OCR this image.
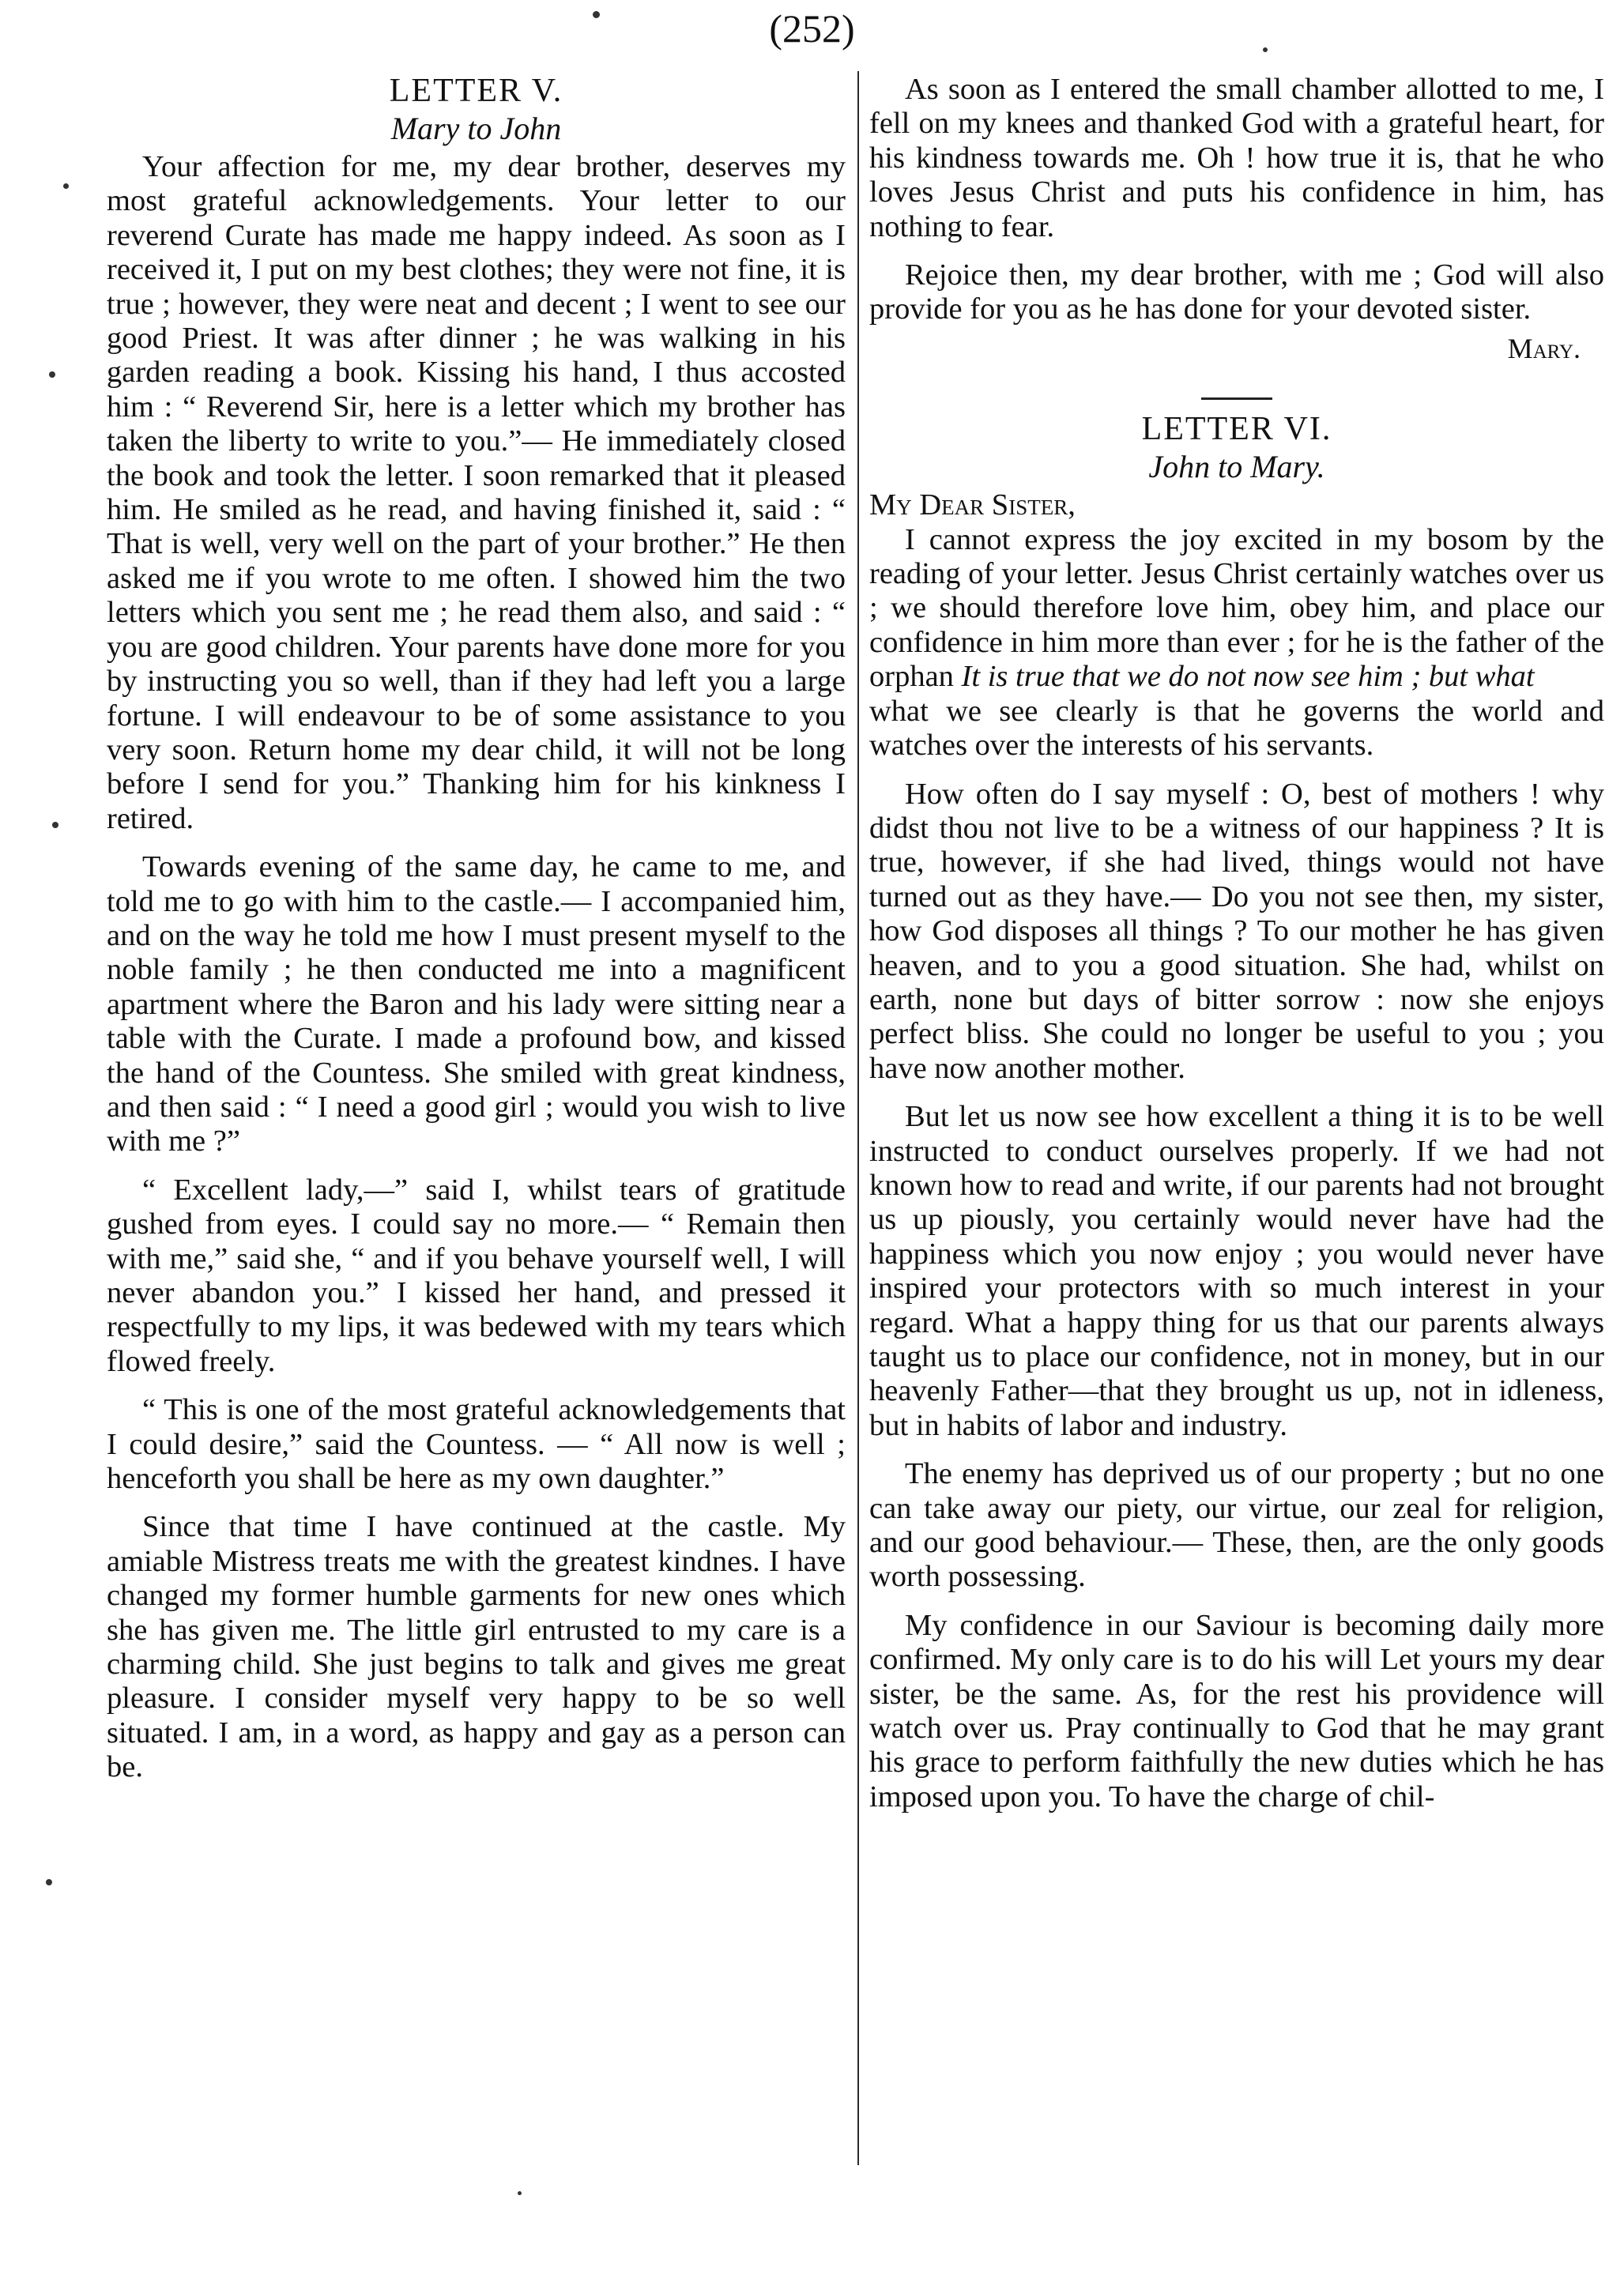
(252)
LETTER V.
Mary to John

Your affection for me, my dear brother, deserves my most grateful acknowledgements. Your letter to our reverend Curate has made me happy indeed. As soon as I received it, I put on my best clothes; they were not fine, it is true ; however, they were neat and decent ; I went to see our good Priest. It was after dinner ; he was walking in his garden reading a book. Kissing his hand, I thus accosted him : “ Reverend Sir, here is a letter which my brother has taken the liberty to write to you.”— He immediately closed the book and took the letter. I soon remarked that it pleased him. He smiled as he read, and having finished it, said : “ That is well, very well on the part of your brother.” He then asked me if you wrote to me often. I showed him the two letters which you sent me ; he read them also, and said : “ you are good children. Your parents have done more for you by instructing you so well, than if they had left you a large fortune. I will endeavour to be of some assistance to you very soon. Return home my dear child, it will not be long before I send for you.” Thanking him for his kinkness I retired.

Towards evening of the same day, he came to me, and told me to go with him to the castle.— I accompanied him, and on the way he told me how I must present myself to the noble family ; he then conducted me into a magnificent apartment where the Baron and his lady were sitting near a table with the Curate. I made a profound bow, and kissed the hand of the Countess. She smiled with great kindness, and then said : “ I need a good girl ; would you wish to live with me ?”

“ Excellent lady,—” said I, whilst tears of gratitude gushed from eyes. I could say no more.— “ Remain then with me,” said she, “ and if you behave yourself well, I will never abandon you.” I kissed her hand, and pressed it respectfully to my lips, it was bedewed with my tears which flowed freely.

“ This is one of the most grateful acknowledgements that I could desire,” said the Countess. — “ All now is well ; henceforth you shall be here as my own daughter.”

Since that time I have continued at the castle. My amiable Mistress treats me with the greatest kindnes. I have changed my former humble garments for new ones which she has given me. The little girl entrusted to my care is a charming child. She just begins to talk and gives me great pleasure. I consider myself very happy to be so well situated. I am, in a word, as happy and gay as a person can be.

As soon as I entered the small chamber allotted to me, I fell on my knees and thanked God with a grateful heart, for his kindness towards me. Oh ! how true it is, that he who loves Jesus Christ and puts his confidence in him, has nothing to fear.

Rejoice then, my dear brother, with me ; God will also provide for you as he has done for your devoted sister.

Mary.
LETTER VI.
John to Mary.

My Dear Sister,

I cannot express the joy excited in my bosom by the reading of your letter. Jesus Christ certainly watches over us ; we should therefore love him, obey him, and place our confidence in him more than ever ; for he is the father of the orphan It is true that we do not now see him ; but what

what we see clearly is that he governs the world and watches over the interests of his servants.

How often do I say myself : O, best of mothers ! why didst thou not live to be a witness of our happiness ? It is true, however, if she had lived, things would not have turned out as they have.— Do you not see then, my sister, how God disposes all things ? To our mother he has given heaven, and to you a good situation. She had, whilst on earth, none but days of bitter sorrow : now she enjoys perfect bliss. She could no longer be useful to you ; you have now another mother.

But let us now see how excellent a thing it is to be well instructed to conduct ourselves properly. If we had not known how to read and write, if our parents had not brought us up piously, you certainly would never have had the happiness which you now enjoy ; you would never have inspired your protectors with so much interest in your regard. What a happy thing for us that our parents always taught us to place our confidence, not in money, but in our heavenly Father—that they brought us up, not in idleness, but in habits of labor and industry.

The enemy has deprived us of our property ; but no one can take away our piety, our virtue, our zeal for religion, and our good behaviour.— These, then, are the only goods worth possessing.

My confidence in our Saviour is becoming daily more confirmed. My only care is to do his will Let yours my dear sister, be the same. As, for the rest his providence will watch over us. Pray continually to God that he may grant his grace to perform faithfully the new duties which he has imposed upon you. To have the charge of chil-
